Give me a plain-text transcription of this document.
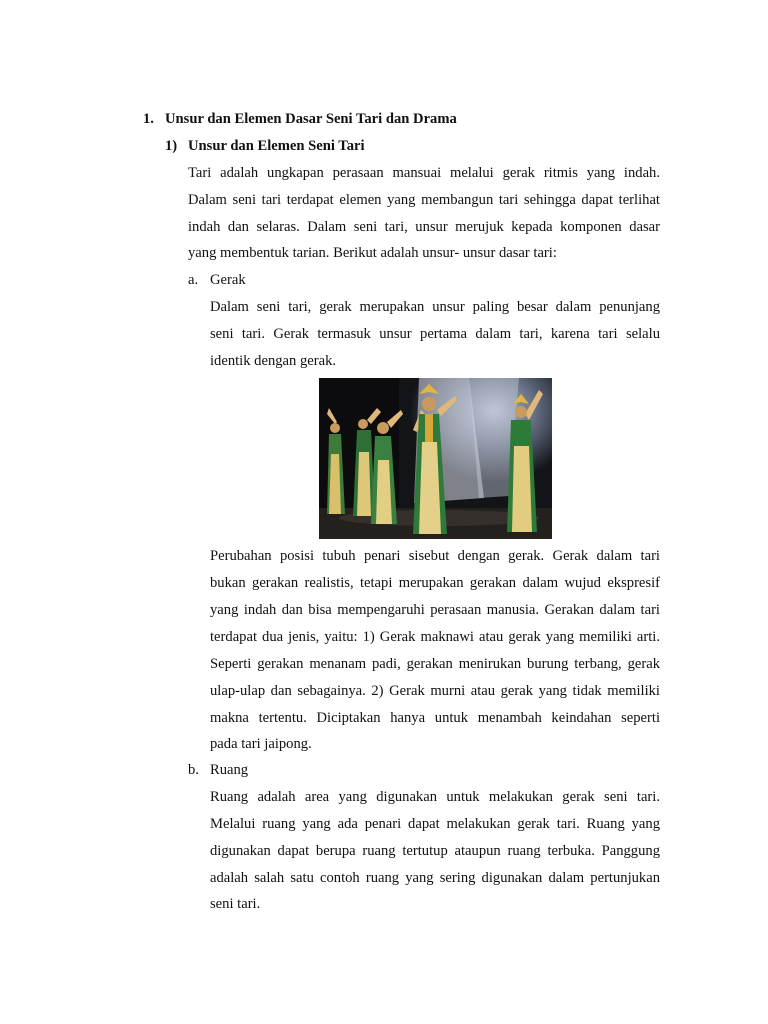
1. Unsur dan Elemen Dasar Seni Tari dan Drama
1) Unsur dan Elemen Seni Tari
Tari adalah ungkapan perasaan mansuai melalui gerak ritmis yang indah.
Dalam seni tari terdapat elemen yang membangun tari sehingga dapat terlihat
indah dan selaras. Dalam seni tari, unsur merujuk kepada komponen dasar
yang membentuk tarian. Berikut adalah unsur- unsur dasar tari:
a. Gerak
Dalam seni tari, gerak merupakan unsur paling besar dalam penunjang
seni tari. Gerak termasuk unsur pertama dalam tari, karena tari selalu
identik dengan gerak.
Perubahan posisi tubuh penari sisebut dengan gerak. Gerak dalam tari
bukan gerakan realistis, tetapi merupakan gerakan dalam wujud ekspresif
yang indah dan bisa mempengaruhi perasaan manusia. Gerakan dalam tari
terdapat dua jenis, yaitu: 1) Gerak maknawi atau gerak yang memiliki arti.
Seperti gerakan menanam padi, gerakan menirukan burung terbang, gerak
ulap-ulap dan sebagainya. 2) Gerak murni atau gerak yang tidak memiliki
makna tertentu. Diciptakan hanya untuk menambah keindahan seperti
pada tari jaipong.
b. Ruang
Ruang adalah area yang digunakan untuk melakukan gerak seni tari.
Melalui ruang yang ada penari dapat melakukan gerak tari. Ruang yang
digunakan dapat berupa ruang tertutup ataupun ruang terbuka. Panggung
adalah salah satu contoh ruang yang sering digunakan dalam pertunjukan
seni tari.
